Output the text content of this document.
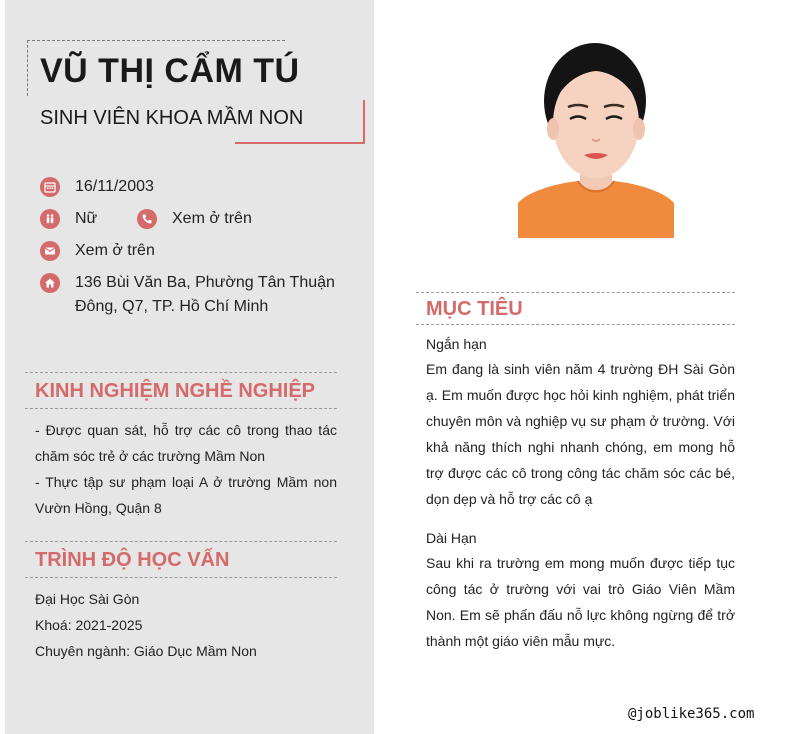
VŨ THỊ CẨM TÚ
SINH VIÊN KHOA MẦM NON
16/11/2003
Nữ	Xem ở trên
Xem ở trên
136 Bùi Văn Ba, Phường Tân Thuận Đông, Q7, TP. Hồ Chí Minh
KINH NGHIỆM NGHỀ NGHIỆP
- Được quan sát, hỗ trợ các cô trong thao tác chăm sóc trẻ ở các trường Mầm Non
- Thực tập sư phạm loại A ở trường Mầm non Vườn Hồng, Quận 8
TRÌNH ĐỘ HỌC VẤN
Đại Học Sài Gòn
Khoá: 2021-2025
Chuyên ngành: Giáo Dục Mầm Non
MỤC TIÊU
Ngắn hạn
Em đang là sinh viên năm 4 trường ĐH Sài Gòn ạ. Em muốn được học hỏi kinh nghiệm, phát triển chuyên môn và nghiệp vụ sư phạm ở trường. Với khả năng thích nghi nhanh chóng, em mong hỗ trợ được các cô trong công tác chăm sóc các bé, dọn dẹp và hỗ trợ các cô ạ
Dài Hạn
Sau khi ra trường em mong muốn được tiếp tục công tác ở trường với vai trò Giáo Viên Mầm Non. Em sẽ phấn đấu nỗ lực không ngừng để trở thành một giáo viên mẫu mực.
@joblike365.com
